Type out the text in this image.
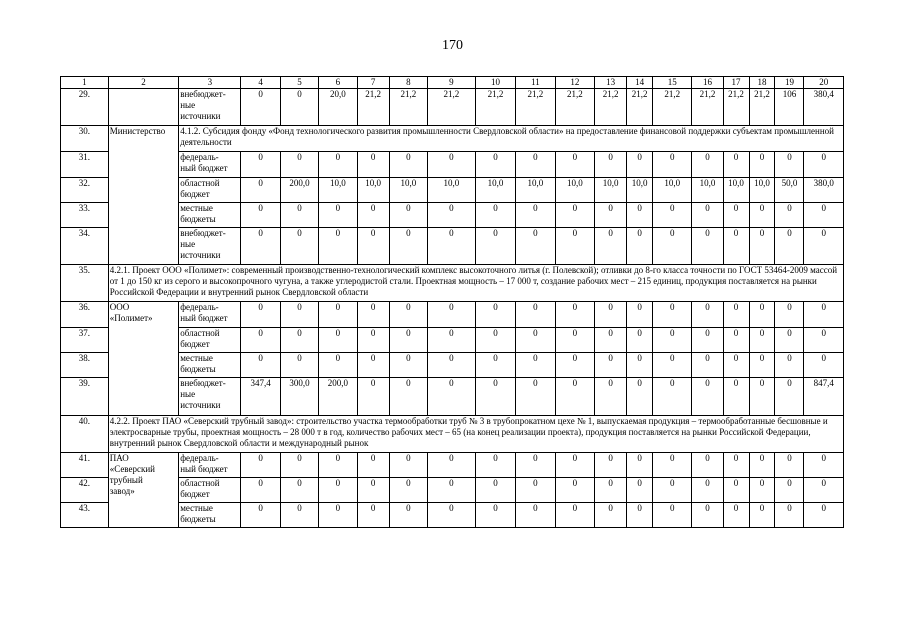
170
1	2	3	4	5	6	7	8	9	10	11	12	13	14	15	16	17	18	19	20
29.		внебюджет-
ные
источники	0	0	20,0	21,2	21,2	21,2	21,2	21,2	21,2	21,2	21,2	21,2	21,2	21,2	21,2	106	380,4
30.	Министерство	4.1.2. Субсидия фонду «Фонд технологического развития промышленности Свердловской области» на предоставление финансовой поддержки субъектам промышленной деятельности																	
31.		федераль-
ный бюджет	0	0	0	0	0	0	0	0	0	0	0	0	0	0	0	0	0
32.		областной
бюджет	0	200,0	10,0	10,0	10,0	10,0	10,0	10,0	10,0	10,0	10,0	10,0	10,0	10,0	10,0	50,0	380,0
33.		местные
бюджеты	0	0	0	0	0	0	0	0	0	0	0	0	0	0	0	0	0
34.		внебюджет-
ные
источники	0	0	0	0	0	0	0	0	0	0	0	0	0	0	0	0	0
35.	4.2.1. Проект ООО «Полимет»: современный производственно-технологический комплекс высокоточного литья (г. Полевской); отливки до 8-го класса точности по ГОСТ 53464-2009 массой от 1 до 150 кг из серого и высокопрочного чугуна, а также углеродистой стали. Проектная мощность – 17 000 т, создание рабочих мест – 215 единиц, продукция поставляется на рынки Российской Федерации и внутренний рынок Свердловской области																		
36.	ООО
«Полимет»	федераль-
ный бюджет	0	0	0	0	0	0	0	0	0	0	0	0	0	0	0	0	0
37.		областной
бюджет	0	0	0	0	0	0	0	0	0	0	0	0	0	0	0	0	0
38.		местные
бюджеты	0	0	0	0	0	0	0	0	0	0	0	0	0	0	0	0	0
39.		внебюджет-
ные
источники	347,4	300,0	200,0	0	0	0	0	0	0	0	0	0	0	0	0	0	847,4
40.	4.2.2. Проект ПАО «Северский трубный завод»: строительство участка термообработки труб № 3 в трубопрокатном цехе № 1, выпускаемая продукция – термообработанные бесшовные и электросварные трубы, проектная мощность – 28 000 т в год, количество рабочих мест – 65 (на конец реализации проекта), продукция поставляется на рынки Российской Федерации, внутренний рынок Свердловской области и международный рынок																		
41.	ПАО
«Северский
трубный
завод»	федераль-
ный бюджет	0	0	0	0	0	0	0	0	0	0	0	0	0	0	0	0	0
42.		областной
бюджет	0	0	0	0	0	0	0	0	0	0	0	0	0	0	0	0	0
43.		местные
бюджеты	0	0	0	0	0	0	0	0	0	0	0	0	0	0	0	0	0
